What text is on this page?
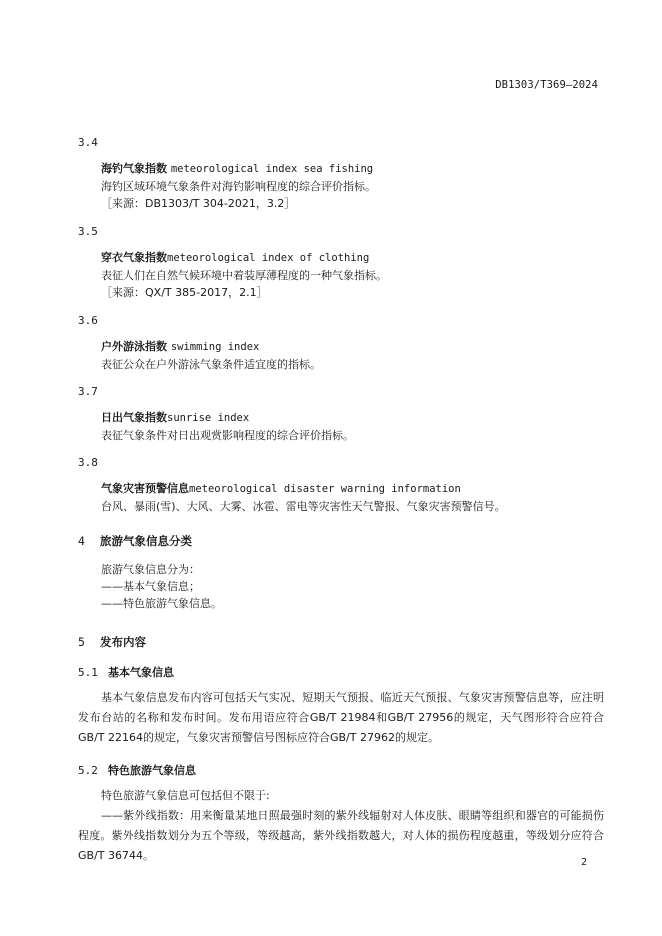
DB1303/T369—2024
3.4
海钓气象指数 meteorological index sea fishing
海钓区域环境气象条件对海钓影响程度的综合评价指标。
［来源：DB1303/T 304-2021，3.2］
3.5
穿衣气象指数meteorological index of clothing
表征人们在自然气候环境中着装厚薄程度的一种气象指标。
［来源：QX/T 385-2017，2.1］
3.6
户外游泳指数 swimming index
表征公众在户外游泳气象条件适宜度的指标。
3.7
日出气象指数sunrise index
表征气象条件对日出观赏影响程度的综合评价指标。
3.8
气象灾害预警信息meteorological disaster warning information
台风、暴雨(雪)、大风、大雾、冰雹、雷电等灾害性天气警报、气象灾害预警信号。
4 旅游气象信息分类
旅游气象信息分为：
——基本气象信息；
——特色旅游气象信息。
5 发布内容
5.1 基本气象信息
基本气象信息发布内容可包括天气实况、短期天气预报、临近天气预报、气象灾害预警信息等，应注明发布台站的名称和发布时间。发布用语应符合GB/T 21984和GB/T 27956的规定，天气图形符合应符合GB/T 22164的规定，气象灾害预警信号图标应符合GB/T 27962的规定。
5.2 特色旅游气象信息
特色旅游气象信息可包括但不限于:
——紫外线指数：用来衡量某地日照最强时刻的紫外线辐射对人体皮肤、眼睛等组织和器官的可能损伤程度。紫外线指数划分为五个等级，等级越高，紫外线指数越大，对人体的损伤程度越重，等级划分应符合GB/T 36744。
2
